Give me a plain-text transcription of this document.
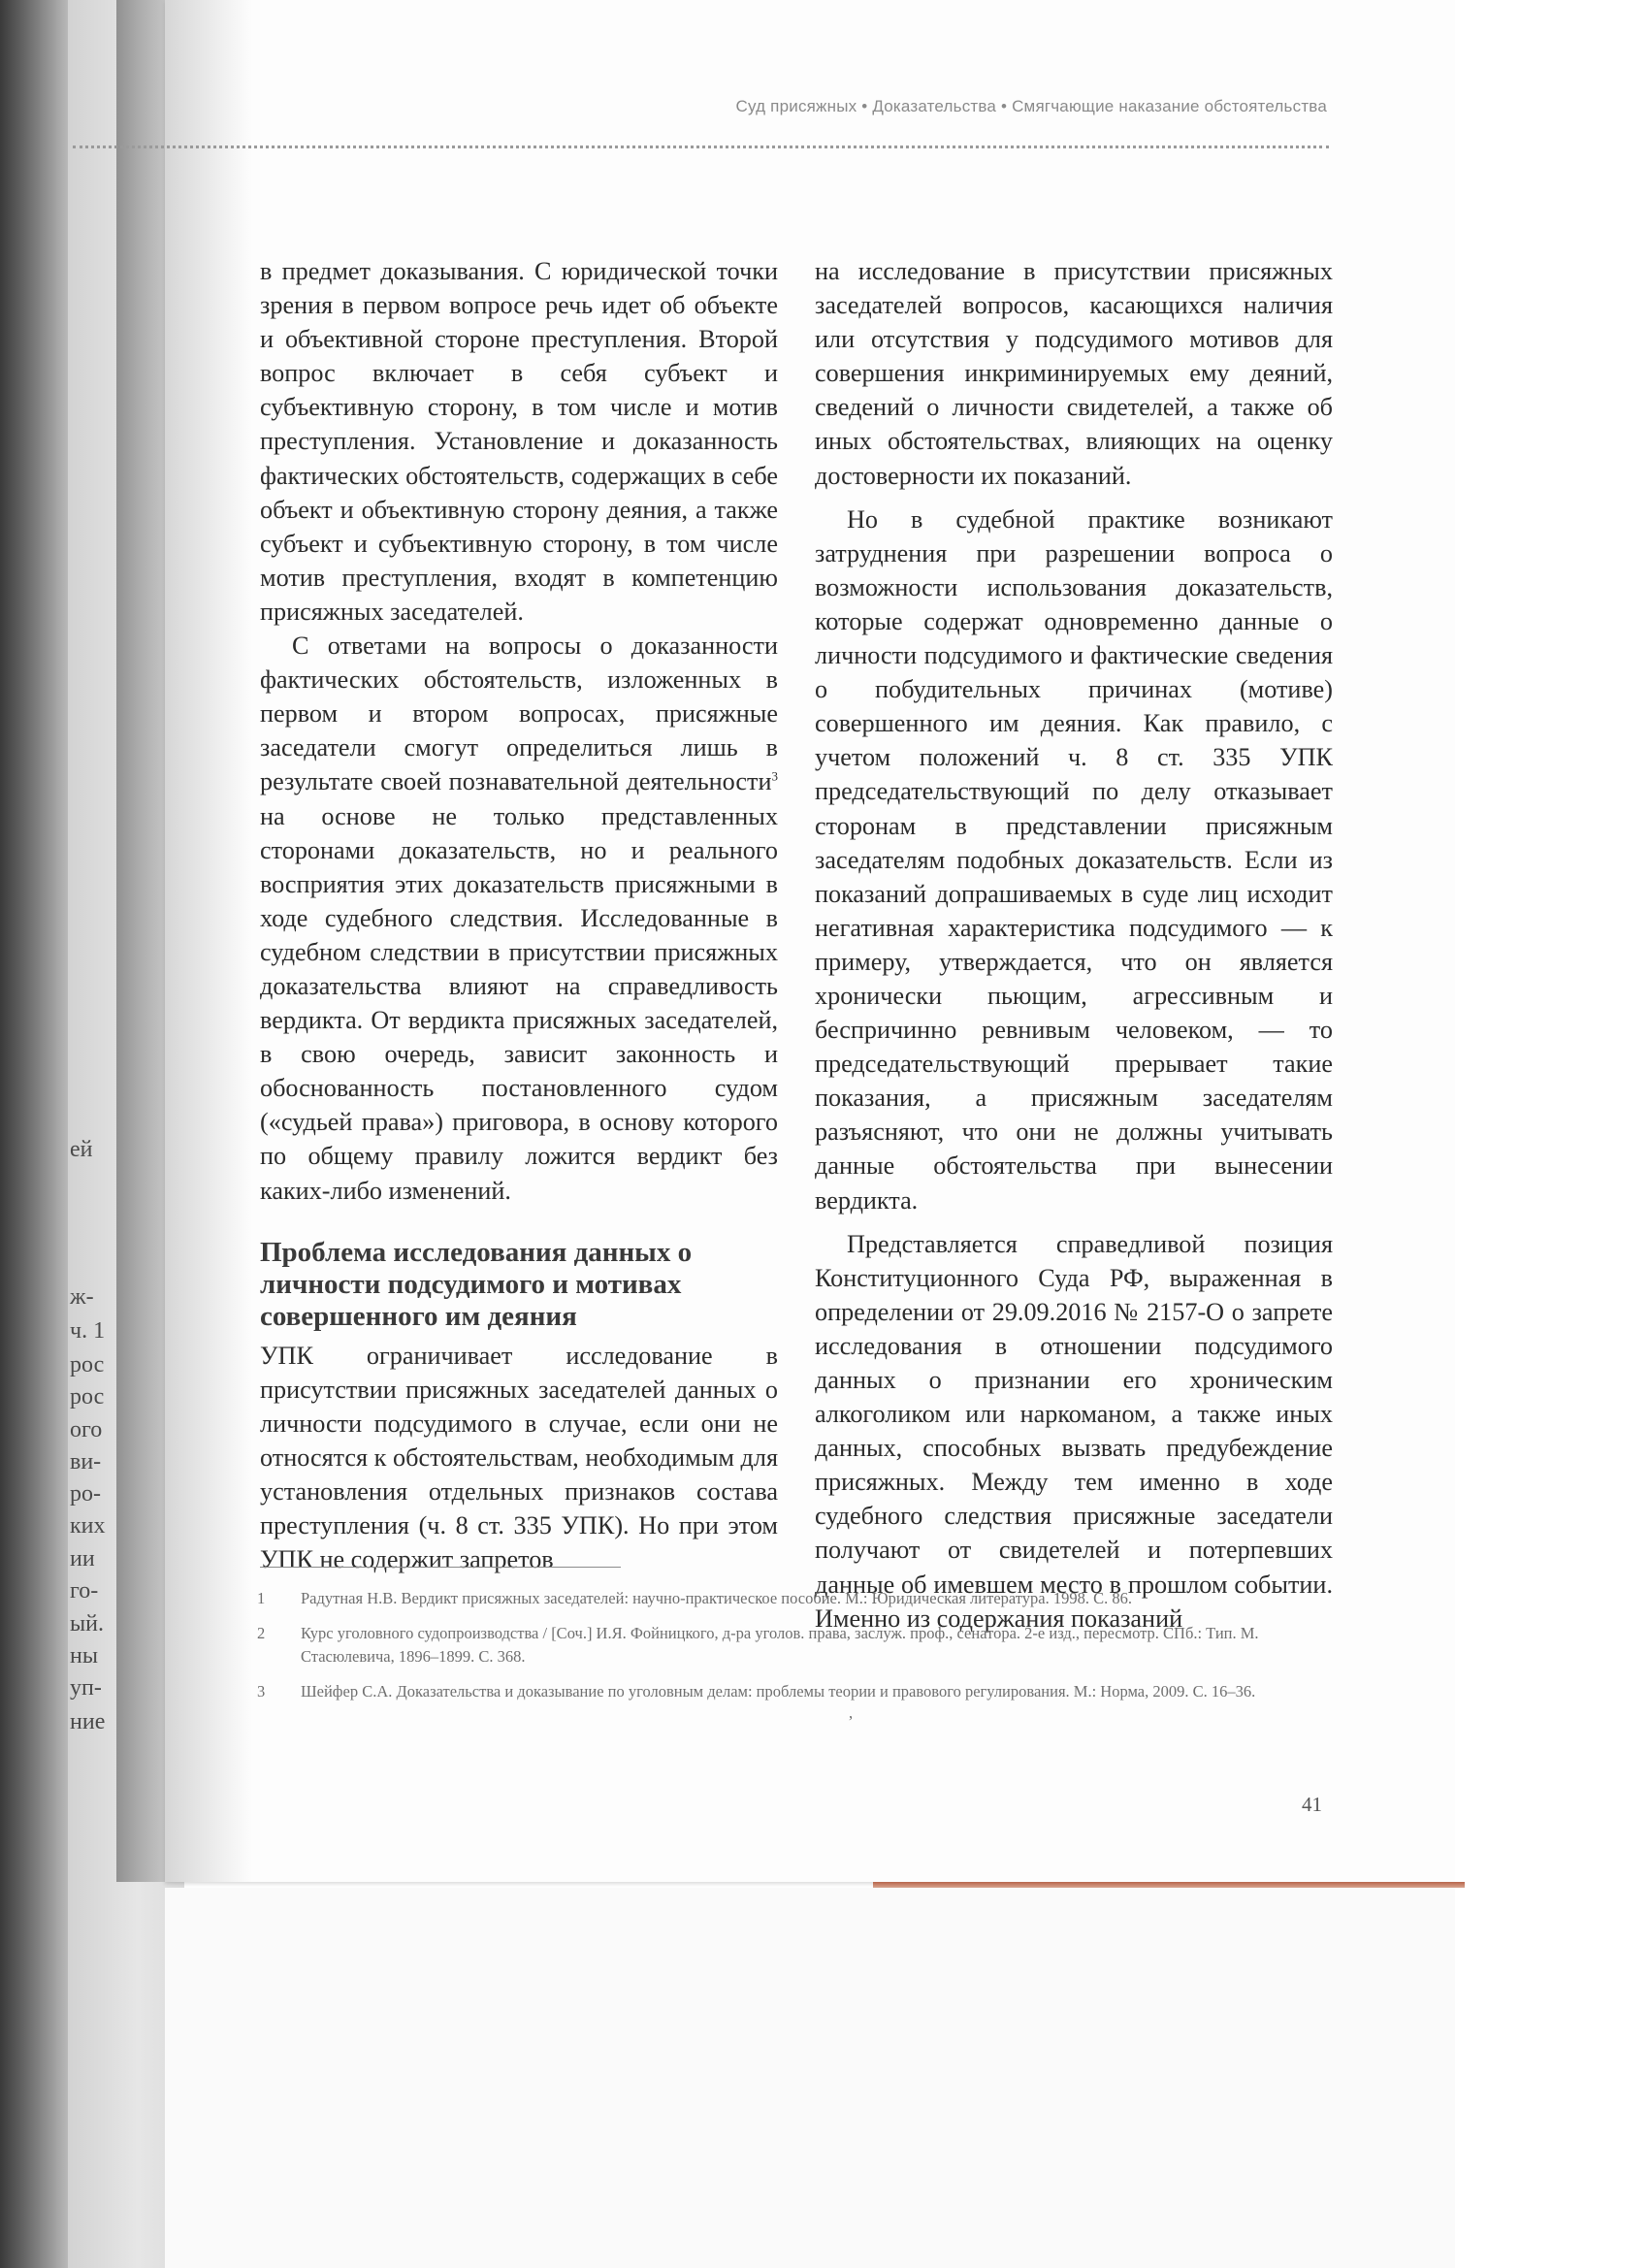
ей
ж-
ч. 1
рос
рос
ого
ви-
ро-
ких
ии
го-
ый.
ны
уп-
ние
Суд присяжных • Доказательства • Смягчающие наказание обстоятельства

в предмет доказывания. С юридической точки зрения в первом вопросе речь идет об объекте и объективной стороне преступления. Второй вопрос включает в себя субъект и субъективную сторону, в том числе и мотив преступления. Установление и доказанность фактических обстоятельств, содержащих в себе объект и объективную сторону деяния, а также субъект и субъективную сторону, в том числе мотив преступления, входят в компетенцию присяжных заседателей.

С ответами на вопросы о доказанности фактических обстоятельств, изложенных в первом и втором вопросах, присяжные заседатели смогут определиться лишь в результате своей познавательной деятельности$^3$ на основе не только представленных сторонами доказательств, но и реального восприятия этих доказательств присяжными в ходе судебного следствия. Исследованные в судебном следствии в присутствии присяжных доказательства влияют на справедливость вердикта. От вердикта присяжных заседателей, в свою очередь, зависит законность и обоснованность постановленного судом («судьей права») приговора, в основу которого по общему правилу ложится вердикт без каких-либо изменений.

Проблема исследования данных о личности подсудимого и мотивах совершенного им деяния

УПК ограничивает исследование в присутствии присяжных заседателей данных о личности подсудимого в случае, если они не относятся к обстоятельствам, необходимым для установления отдельных признаков состава преступления (ч. 8 ст. 335 УПК). Но при этом УПК не содержит запретов

на исследование в присутствии присяжных заседателей вопросов, касающихся наличия или отсутствия у подсудимого мотивов для совершения инкриминируемых ему деяний, сведений о личности свидетелей, а также об иных обстоятельствах, влияющих на оценку достоверности их показаний.

Но в судебной практике возникают затруднения при разрешении вопроса о возможности использования доказательств, которые содержат одновременно данные о личности подсудимого и фактические сведения о побудительных причинах (мотиве) совершенного им деяния. Как правило, с учетом положений ч. 8 ст. 335 УПК председательствующий по делу отказывает сторонам в представлении присяжным заседателям подобных доказательств. Если из показаний допрашиваемых в суде лиц исходит негативная характеристика подсудимого — к примеру, утверждается, что он является хронически пьющим, агрессивным и беспричинно ревнивым человеком, — то председательствующий прерывает такие показания, а присяжным заседателям разъясняют, что они не должны учитывать данные обстоятельства при вынесении вердикта.

Представляется справедливой позиция Конституционного Суда РФ, выраженная в определении от 29.09.2016 № 2157-О о запрете исследования в отношении подсудимого данных о признании его хроническим алкоголиком или наркоманом, а также иных данных, способных вызвать предубеждение присяжных. Между тем именно в ходе судебного следствия присяжные заседатели получают от свидетелей и потерпевших данные об имевшем место в прошлом событии. Именно из содержания показаний

1 Радутная Н.В. Вердикт присяжных заседателей: научно-практическое пособие. М.: Юридическая литература. 1998. С. 86.
2 Курс уголовного судопроизводства / [Соч.] И.Я. Фойницкого, д-ра уголов. права, заслуж. проф., сенатора. 2-е изд., пересмотр. СПб.: Тип. М. Стасюлевича, 1896–1899. С. 368.
3 Шейфер С.А. Доказательства и доказывание по уголовным делам: проблемы теории и правового регулирования. М.: Норма, 2009. С. 16–36.
,
41
